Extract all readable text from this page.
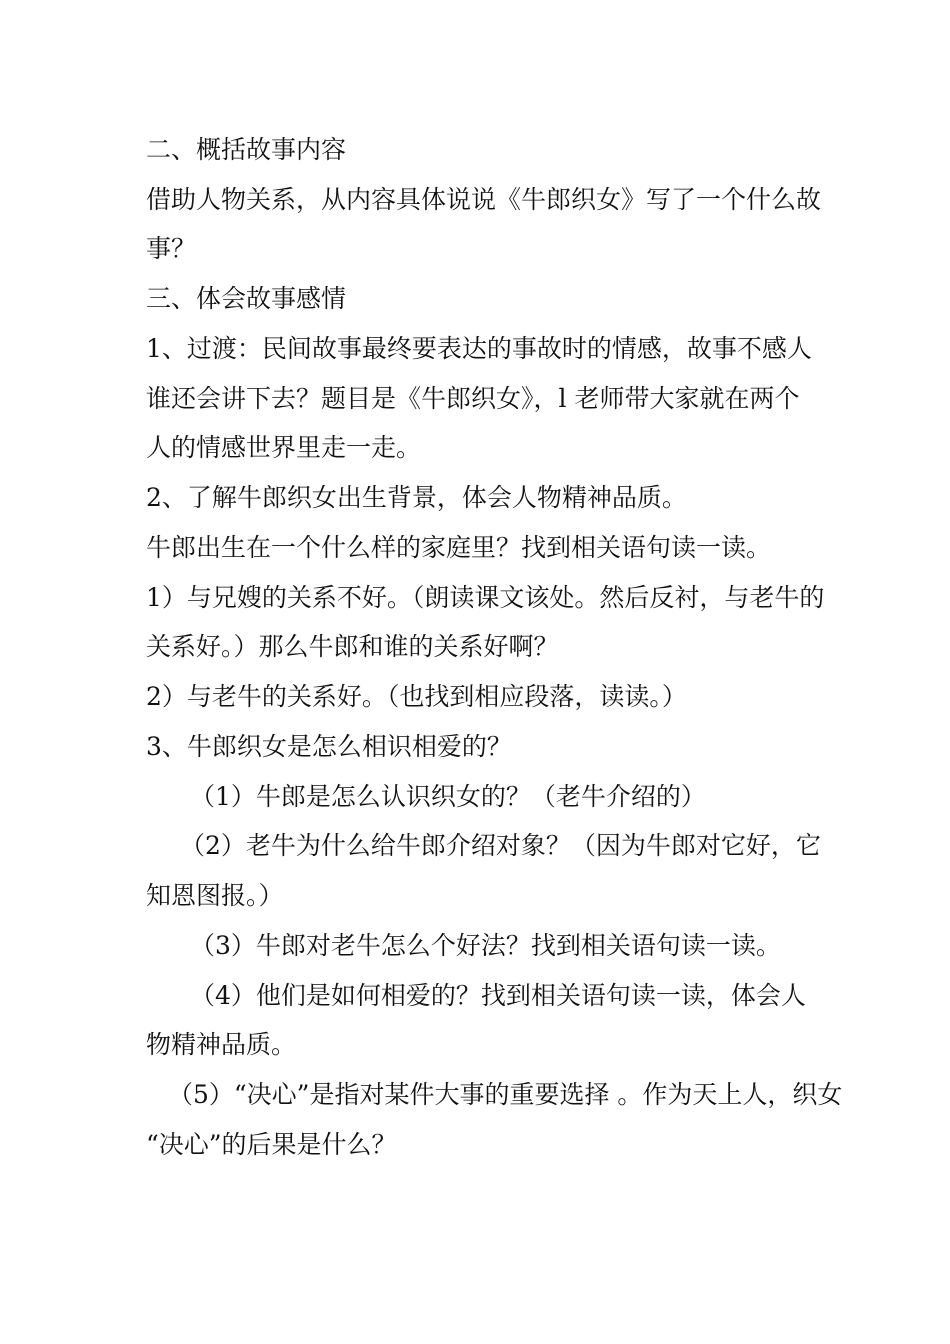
二、概括故事内容
借助人物关系，从内容具体说说《牛郎织女》写了一个什么故
事？
三、体会故事感情
1、过渡：民间故事最终要表达的事故时的情感，故事不感人
谁还会讲下去？题目是《牛郎织女》，l 老师带大家就在两个
人的情感世界里走一走。
2、了解牛郎织女出生背景，体会人物精神品质。
牛郎出生在一个什么样的家庭里？找到相关语句读一读。
1）与兄嫂的关系不好。（朗读课文该处。然后反衬，与老牛的
关系好。）那么牛郎和谁的关系好啊？
2）与老牛的关系好。（也找到相应段落，读读。）
3、牛郎织女是怎么相识相爱的？
（1）牛郎是怎么认识织女的？（老牛介绍的）
（2）老牛为什么给牛郎介绍对象？（因为牛郎对它好，它
知恩图报。）
（3）牛郎对老牛怎么个好法？找到相关语句读一读。
（4）他们是如何相爱的？找到相关语句读一读，体会人
物精神品质。
（5）“决心”是指对某件大事的重要选择 。作为天上人，织女
“决心”的后果是什么？
